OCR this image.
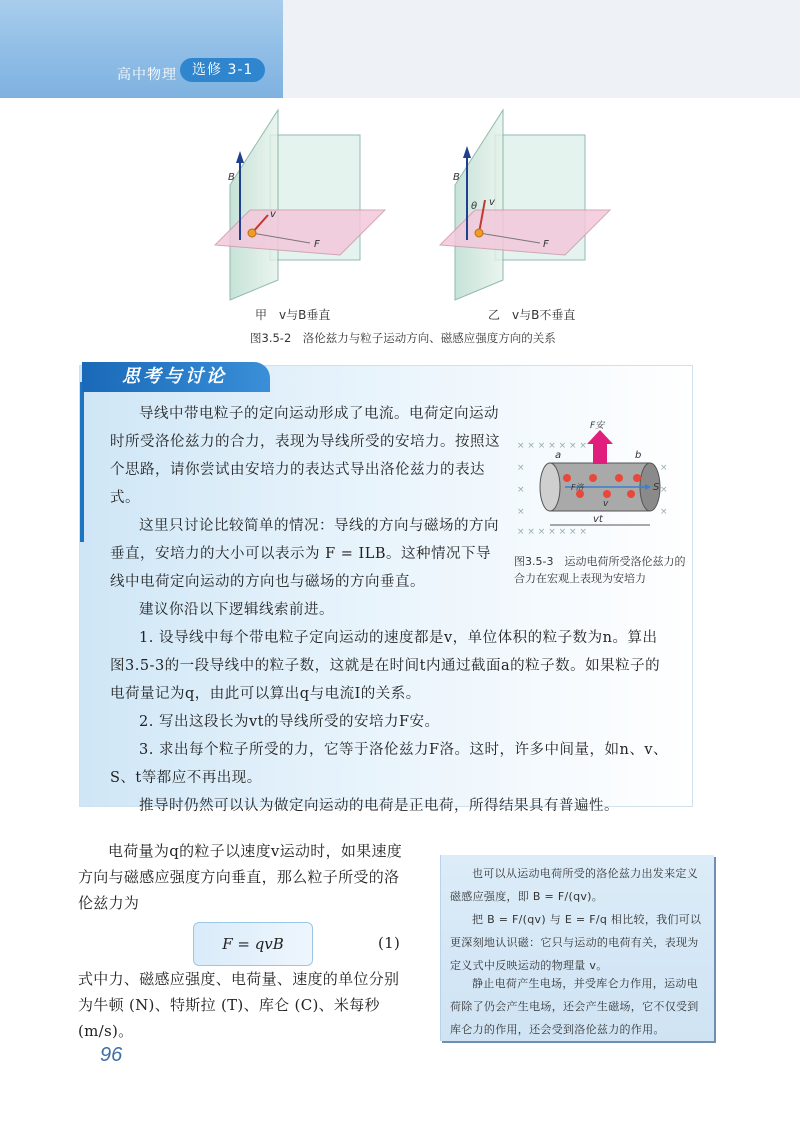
高中物理	选修 3-1
B
v
F
B
v
θ
F
甲　v与B垂直	乙　v与B不垂直
图3.5-2　洛伦兹力与粒子运动方向、磁感应强度方向的关系
思考与讨论
导线中带电粒子的定向运动形成了电流。电荷定向运动时所受洛伦兹力的合力，表现为导线所受的安培力。按照这个思路，请你尝试由安培力的表达式导出洛伦兹力的表达式。
这里只讨论比较简单的情况：导线的方向与磁场的方向垂直，安培力的大小可以表示为 F = ILB。这种情况下导线中电荷定向运动的方向也与磁场的方向垂直。
建议你沿以下逻辑线索前进。
1. 设导线中每个带电粒子定向运动的速度都是v，单位体积的粒子数为n。算出图3.5-3的一段导线中的粒子数，这就是在时间t内通过截面a的粒子数。如果粒子的电荷量记为q，由此可以算出q与电流I的关系。
2. 写出这段长为vt的导线所受的安培力F安。
3. 求出每个粒子所受的力，它等于洛伦兹力F洛。这时，许多中间量，如n、v、S、t等都应不再出现。
推导时仍然可以认为做定向运动的电荷是正电荷，所得结果具有普遍性。
× × × × × × ×
×	×
×	×
×	×
× × × × × × ×
F安
a	b
S
F洛
v
vt
图3.5-3　运动电荷所受洛伦兹力的合力在宏观上表现为安培力
电荷量为q的粒子以速度v运动时，如果速度方向与磁感应强度方向垂直，那么粒子所受的洛伦兹力为
F = qvB	(1)
式中力、磁感应强度、电荷量、速度的单位分别为牛顿 (N)、特斯拉 (T)、库仑 (C)、米每秒 (m/s)。
也可以从运动电荷所受的洛伦兹力出发来定义磁感应强度，即 B = F/(qv)。
把 B = F/(qv) 与 E = F/q 相比较，我们可以更深刻地认识磁：它只与运动的电荷有关，表现为定义式中反映运动的物理量 v。
静止电荷产生电场，并受库仑力作用，运动电荷除了仍会产生电场，还会产生磁场，它不仅受到库仑力的作用，还会受到洛伦兹力的作用。
96
